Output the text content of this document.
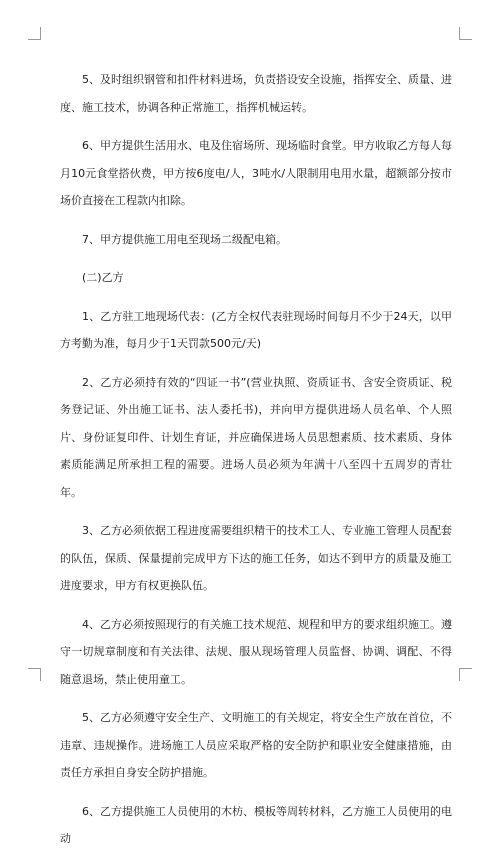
5、及时组织钢管和扣件材料进场，负责搭设安全设施，指挥安全、质量、进度、施工技术，协调各种正常施工，指挥机械运转。

6、甲方提供生活用水、电及住宿场所、现场临时食堂。甲方收取乙方每人每月10元食堂搭伙费，甲方按6度电/人，3吨水/人限制用电用水量，超额部分按市场价直接在工程款内扣除。

7、甲方提供施工用电至现场二级配电箱。

(二)乙方

1、乙方驻工地现场代表：(乙方全权代表驻现场时间每月不少于24天，以甲方考勤为准，每月少于1天罚款500元/天)

2、乙方必须持有效的“四证一书”(营业执照、资质证书、含安全资质证、税务登记证、外出施工证书、法人委托书)，并向甲方提供进场人员名单、个人照片、身份证复印件、计划生育证，并应确保进场人员思想素质、技术素质、身体素质能满足所承担工程的需要。进场人员必须为年满十八至四十五周岁的青壮年。

3、乙方必须依据工程进度需要组织精干的技术工人、专业施工管理人员配套的队伍，保质、保量提前完成甲方下达的施工任务，如达不到甲方的质量及施工进度要求，甲方有权更换队伍。

4、乙方必须按照现行的有关施工技术规范、规程和甲方的要求组织施工。遵守一切规章制度和有关法律、法规、服从现场管理人员监督、协调、调配、不得随意退场，禁止使用童工。

5、乙方必须遵守安全生产、文明施工的有关规定，将安全生产放在首位，不违章、违规操作。进场施工人员应采取严格的安全防护和职业安全健康措施，由责任方承担自身安全防护措施。

6、乙方提供施工人员使用的木枋、模板等周转材料，乙方施工人员使用的电动
